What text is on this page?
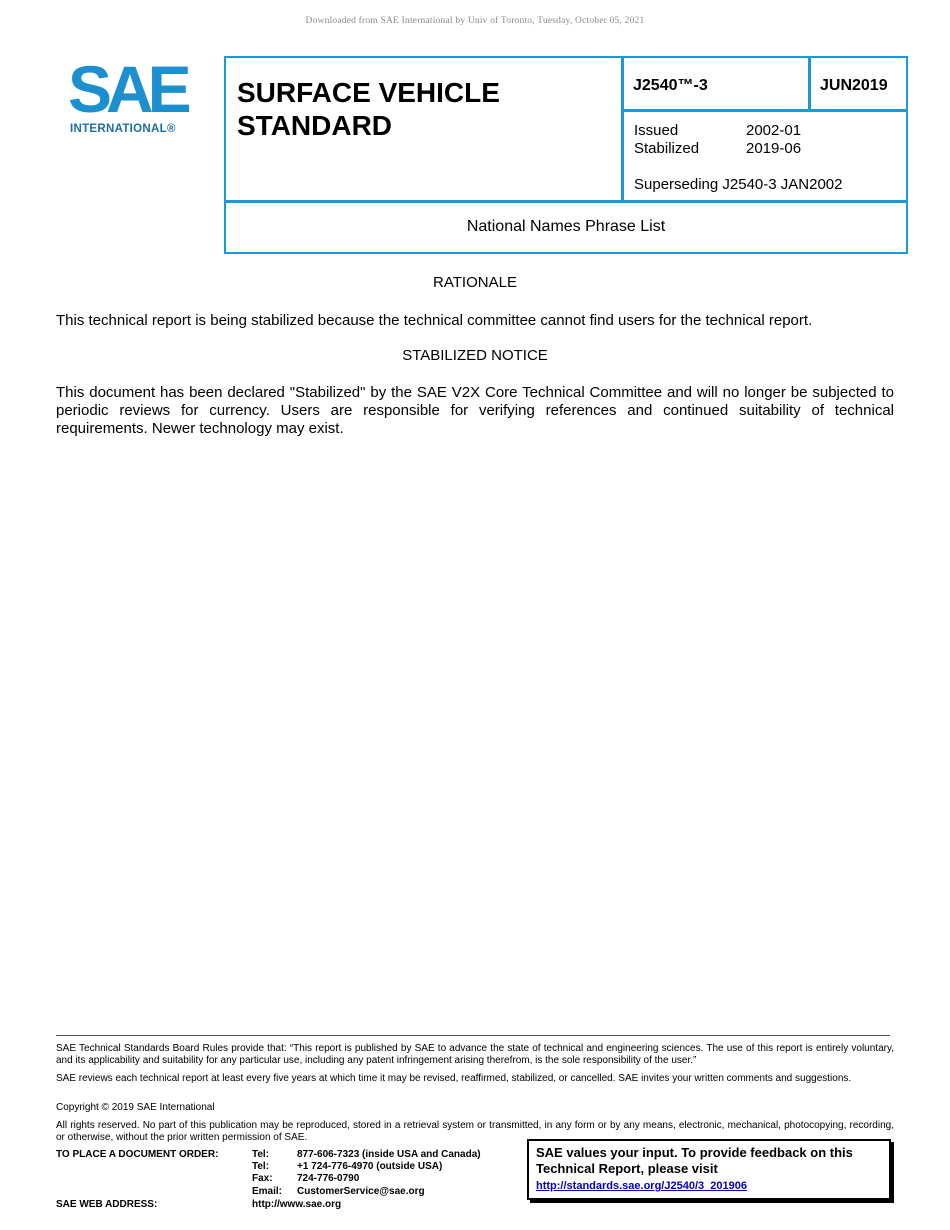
Downloaded from SAE International by Univ of Toronto, Tuesday, October 05, 2021
SAE
INTERNATIONAL®
SURFACE VEHICLE STANDARD
J2540™-3	JUN2019
Issued	2002-01
Stabilized	2019-06
Superseding J2540-3 JAN2002
National Names Phrase List
RATIONALE
This technical report is being stabilized because the technical committee cannot find users for the technical report.
STABILIZED NOTICE
This document has been declared "Stabilized" by the SAE V2X Core Technical Committee and will no longer be subjected to periodic reviews for currency. Users are responsible for verifying references and continued suitability of technical requirements. Newer technology may exist.
SAE Technical Standards Board Rules provide that: “This report is published by SAE to advance the state of technical and engineering sciences. The use of this report is entirely voluntary, and its applicability and suitability for any particular use, including any patent infringement arising therefrom, is the sole responsibility of the user.”
SAE reviews each technical report at least every five years at which time it may be revised, reaffirmed, stabilized, or cancelled. SAE invites your written comments and suggestions.
Copyright © 2019 SAE International
All rights reserved. No part of this publication may be reproduced, stored in a retrieval system or transmitted, in any form or by any means, electronic, mechanical, photocopying, recording, or otherwise, without the prior written permission of SAE.
TO PLACE A DOCUMENT ORDER:	Tel:	877-606-7323 (inside USA and Canada)
Tel:	+1 724-776-4970 (outside USA)
Fax: 724-776-0790
Email: CustomerService@sae.org
SAE WEB ADDRESS:	http://www.sae.org
SAE values your input. To provide feedback on this Technical Report, please visit
http://standards.sae.org/J2540/3_201906
